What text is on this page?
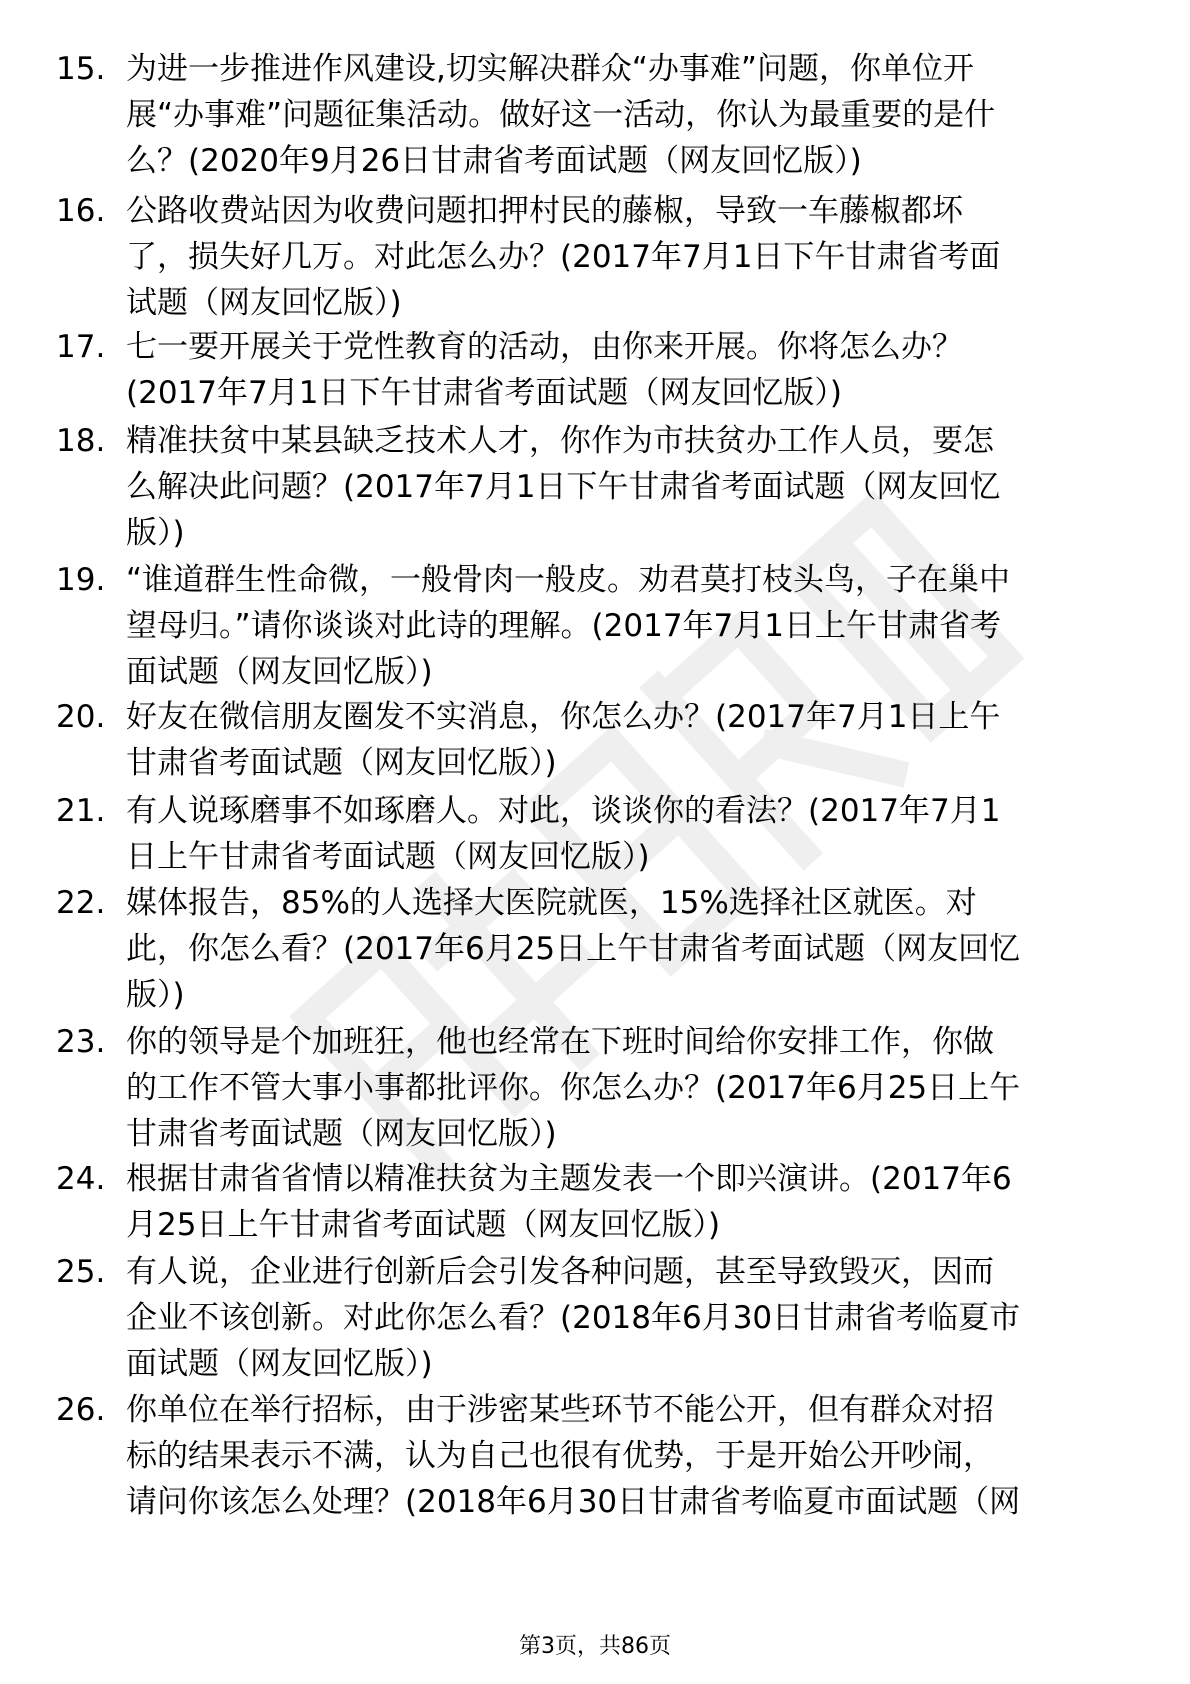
15. 为进一步推进作风建设,切实解决群众“办事难”问题，你单位开
展“办事难”问题征集活动。做好这一活动，你认为最重要的是什
么？(2020年9月26日甘肃省考面试题（网友回忆版）)
16. 公路收费站因为收费问题扣押村民的藤椒，导致一车藤椒都坏
了，损失好几万。对此怎么办？(2017年7月1日下午甘肃省考面
试题（网友回忆版）)
17. 七一要开展关于党性教育的活动，由你来开展。你将怎么办？
(2017年7月1日下午甘肃省考面试题（网友回忆版）)
18. 精准扶贫中某县缺乏技术人才，你作为市扶贫办工作人员，要怎
么解决此问题？(2017年7月1日下午甘肃省考面试题（网友回忆
版）)
19. “谁道群生性命微，一般骨肉一般皮。劝君莫打枝头鸟，子在巢中
望母归。”请你谈谈对此诗的理解。(2017年7月1日上午甘肃省考
面试题（网友回忆版）)
20. 好友在微信朋友圈发不实消息，你怎么办？(2017年7月1日上午
甘肃省考面试题（网友回忆版）)
21. 有人说琢磨事不如琢磨人。对此，谈谈你的看法？(2017年7月1
日上午甘肃省考面试题（网友回忆版）)
22. 媒体报告，85%的人选择大医院就医，15%选择社区就医。对
此，你怎么看？(2017年6月25日上午甘肃省考面试题（网友回忆
版）)
23. 你的领导是个加班狂，他也经常在下班时间给你安排工作，你做
的工作不管大事小事都批评你。你怎么办？(2017年6月25日上午
甘肃省考面试题（网友回忆版）)
24. 根据甘肃省省情以精准扶贫为主题发表一个即兴演讲。(2017年6
月25日上午甘肃省考面试题（网友回忆版）)
25. 有人说，企业进行创新后会引发各种问题，甚至导致毁灭，因而
企业不该创新。对此你怎么看？(2018年6月30日甘肃省考临夏市
面试题（网友回忆版）)
26. 你单位在举行招标，由于涉密某些环节不能公开，但有群众对招
标的结果表示不满，认为自己也很有优势，于是开始公开吵闹，
请问你该怎么处理？(2018年6月30日甘肃省考临夏市面试题（网
第3页，共86页
